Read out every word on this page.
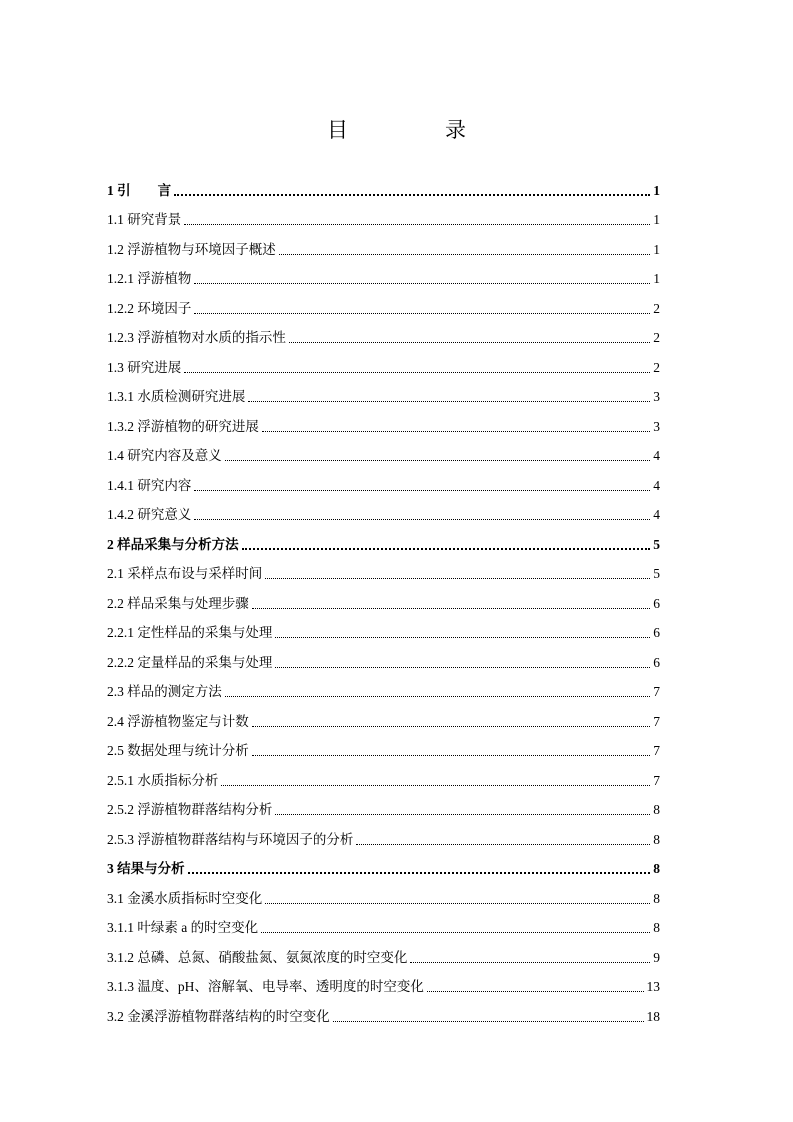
目　录
1 引　　言	1
1.1 研究背景	1
1.2 浮游植物与环境因子概述	1
1.2.1 浮游植物	1
1.2.2 环境因子	2
1.2.3 浮游植物对水质的指示性	2
1.3 研究进展	2
1.3.1 水质检测研究进展	3
1.3.2 浮游植物的研究进展	3
1.4 研究内容及意义	4
1.4.1 研究内容	4
1.4.2 研究意义	4
2 样品采集与分析方法	5
2.1 采样点布设与采样时间	5
2.2 样品采集与处理步骤	6
2.2.1 定性样品的采集与处理	6
2.2.2 定量样品的采集与处理	6
2.3 样品的测定方法	7
2.4 浮游植物鉴定与计数	7
2.5 数据处理与统计分析	7
2.5.1 水质指标分析	7
2.5.2 浮游植物群落结构分析	8
2.5.3 浮游植物群落结构与环境因子的分析	8
3 结果与分析	8
3.1 金溪水质指标时空变化	8
3.1.1 叶绿素 a 的时空变化	8
3.1.2 总磷、总氮、硝酸盐氮、氨氮浓度的时空变化	9
3.1.3 温度、pH、溶解氧、电导率、透明度的时空变化	13
3.2 金溪浮游植物群落结构的时空变化	18
